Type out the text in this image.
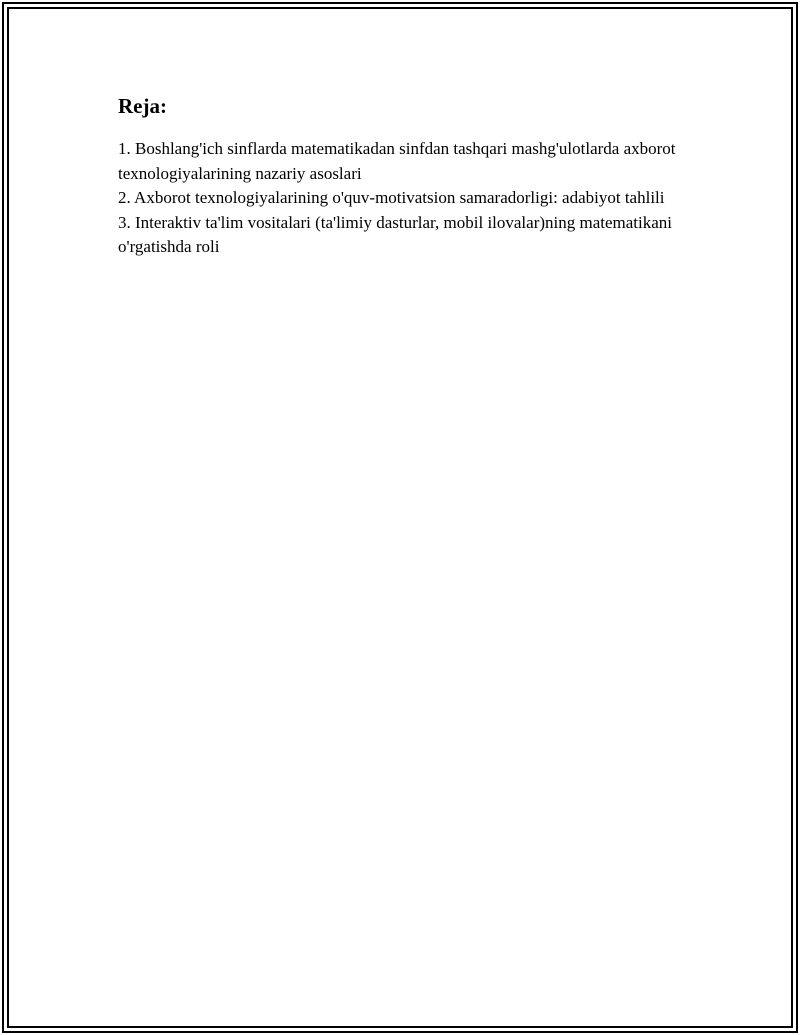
Reja:
1. Boshlang'ich sinflarda matematikadan sinfdan tashqari mashg'ulotlarda axborot texnologiyalarining nazariy asoslari
2. Axborot texnologiyalarining o'quv-motivatsion samaradorligi: adabiyot tahlili
3. Interaktiv ta'lim vositalari (ta'limiy dasturlar, mobil ilovalar)ning matematikani o'rgatishda roli
